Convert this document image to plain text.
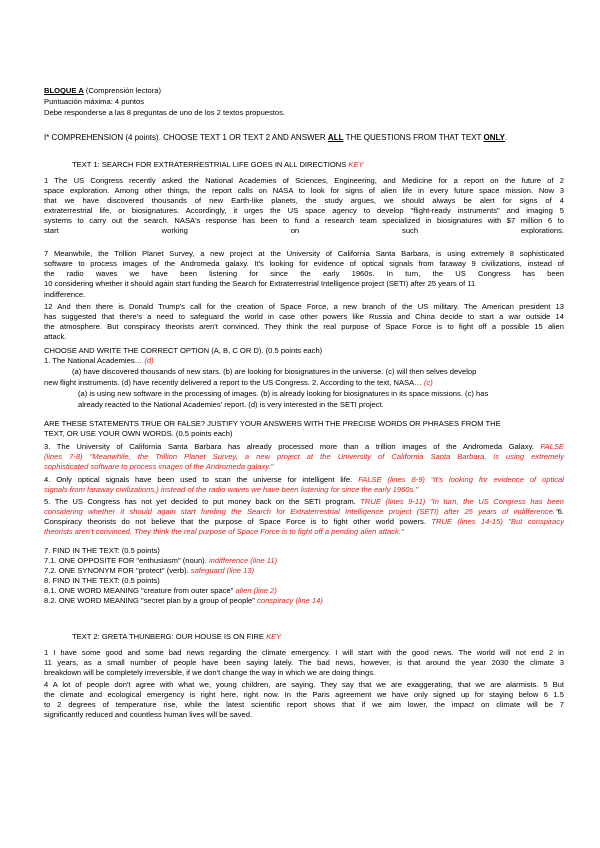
BLOQUE A (Comprensión lectora)
Puntuación máxima: 4 puntos
Debe responderse a las 8 preguntas de uno de los 2 textos propuestos.
I* COMPREHENSION (4 points). CHOOSE TEXT 1 OR TEXT 2 AND ANSWER ALL THE QUESTIONS FROM THAT TEXT ONLY.
TEXT 1: SEARCH FOR EXTRATERRESTRIAL LIFE GOES IN ALL DIRECTIONS KEY
1 The US Congress recently asked the National Academies of Sciences, Engineering, and Medicine for a report on the future of 2
space exploration. Among other things, the report calls on NASA to look for signs of alien life in every future space mission. Now 3
that we have discovered thousands of new Earth-like planets, the study argues, we should always be alert for signs of 4
extraterrestrial life, or biosignatures. Accordingly, it urges the US space agency to develop "flight-ready instruments" and imaging 5
systems to carry out the search. NASA's response has been to fund a research team specialized in biosignatures with $7 million 6 to
start working on such explorations.
7 Meanwhile, the Trillion Planet Survey, a new project at the University of California Santa Barbara, is using extremely 8 sophisticated
software to process images of the Andromeda galaxy. It's looking for evidence of optical signals from faraway 9 civilizations, instead of
the radio waves we have been listening for since the early 1960s. In turn, the US Congress has been
10 considering whether it should again start funding the Search for Extraterrestrial Intelligence project (SETI) after 25 years of 11
indifference.
12 And then there is Donald Trump's call for the creation of Space Force, a new branch of the US military. The American president 13
has suggested that there's a need to safeguard the world in case other powers like Russia and China decide to start a war outside 14
the atmosphere. But conspiracy theorists aren't convinced. They think the real purpose of Space Force is to fight off a possible 15 alien
attack.
CHOOSE AND WRITE THE CORRECT OPTION (A, B, C OR D). (0.5 points each)
1. The National Academies… (d)
(a) have discovered thousands of new stars. (b) are looking for biosignatures in the universe. (c) will then selves develop
new flight instruments. (d) have recently delivered a report to the US Congress. 2. According to the text, NASA… (c)
(a) is using new software in the processing of images. (b) is already looking for biosignatures in its space missions. (c) has
already reacted to the National Academies' report. (d) is very interested in the SETI project.
ARE THESE STATEMENTS TRUE OR FALSE? JUSTIFY YOUR ANSWERS WITH THE PRECISE WORDS OR PHRASES FROM THE
TEXT, OR USE YOUR OWN WORDS. (0.5 points each)
3. The University of California Santa Barbara has already processed more than a trillion images of the Andromeda Galaxy. FALSE
(lines 7-8) "Meanwhile, the Trillion Planet Survey, a new project at the University of California Santa Barbara, is using extremely
sophisticated software to process images of the Andromeda galaxy."
4. Only optical signals have been used to scan the universe for intelligent life. FALSE (lines 8-9) "It's looking for evidence of optical
signals from faraway civilizations,) instead of the radio waves we have been listening for since the early 1960s."
5. The US Congress has not yet decided to put money back on the SETI program. TRUE (lines 9-11) "In turn, the US Congress has been
considering whether it should again start funding the Search for Extraterrestrial Intelligence project (SETI) after 25 years of indifference."6.
Conspiracy theorists do not believe that the purpose of Space Force is to fight other world powers. TRUE (lines 14-15) "But conspiracy
theorists aren't convinced. They think the real purpose of Space Force is to fight off a pending alien attack."
7. FIND IN THE TEXT: (0.5 points)
7.1. ONE OPPOSITE FOR "enthusiasm" (noun). indifference (line 11)
7.2. ONE SYNONYM FOR "protect" (verb). safeguard (line 13)
8. FIND IN THE TEXT: (0.5 points)
8.1. ONE WORD MEANING "creature from outer space" alien (line 2)
8.2. ONE WORD MEANING "secret plan by a group of people" conspiracy (line 14)
TEXT 2: GRETA THUNBERG: OUR HOUSE IS ON FIRE KEY
1 I have some good and some bad news regarding the climate emergency. I will start with the good news. The world will not end 2 in
11 years, as a small number of people have been saying lately. The bad news, however, is that around the year 2030 the climate 3
breakdown will be completely irreversible, if we don't change the way in which we are doing things.
4 A lot of people don't agree with what we, young children, are saying. They say that we are exaggerating, that we are alarmists. 5 But
the climate and ecological emergency is right here, right now. In the Paris agreement we have only signed up for staying below 6 1.5
to 2 degrees of temperature rise, while the latest scientific report shows that if we aim lower, the impact on climate will be 7
significantly reduced and countless human lives will be saved.
